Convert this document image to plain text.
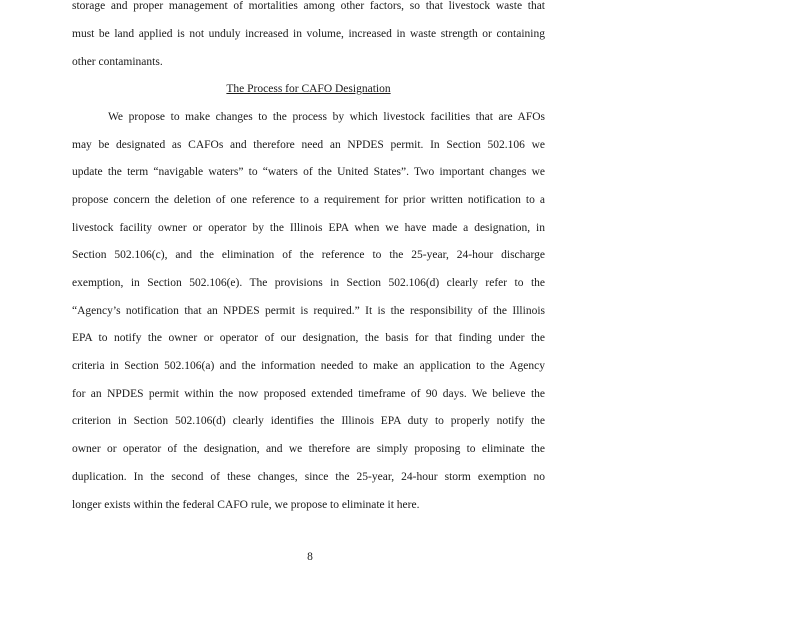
storage and proper management of mortalities among other factors, so that livestock waste that
must be land applied is not unduly increased in volume, increased in waste strength or containing
other contaminants.
The Process for CAFO Designation
We propose to make changes to the process by which livestock facilities that are AFOs
may be designated as CAFOs and therefore need an NPDES permit. In Section 502.106 we
update the term “navigable waters” to “waters of the United States”. Two important changes we
propose concern the deletion of one reference to a requirement for prior written notification to a
livestock facility owner or operator by the Illinois EPA when we have made a designation, in
Section 502.106(c), and the elimination of the reference to the 25-year, 24-hour discharge
exemption, in Section 502.106(e). The provisions in Section 502.106(d) clearly refer to the
“Agency’s notification that an NPDES permit is required.” It is the responsibility of the Illinois
EPA to notify the owner or operator of our designation, the basis for that finding under the
criteria in Section 502.106(a) and the information needed to make an application to the Agency
for an NPDES permit within the now proposed extended timeframe of 90 days. We believe the
criterion in Section 502.106(d) clearly identifies the Illinois EPA duty to properly notify the
owner or operator of the designation, and we therefore are simply proposing to eliminate the
duplication. In the second of these changes, since the 25-year, 24-hour storm exemption no
longer exists within the federal CAFO rule, we propose to eliminate it here.
8
